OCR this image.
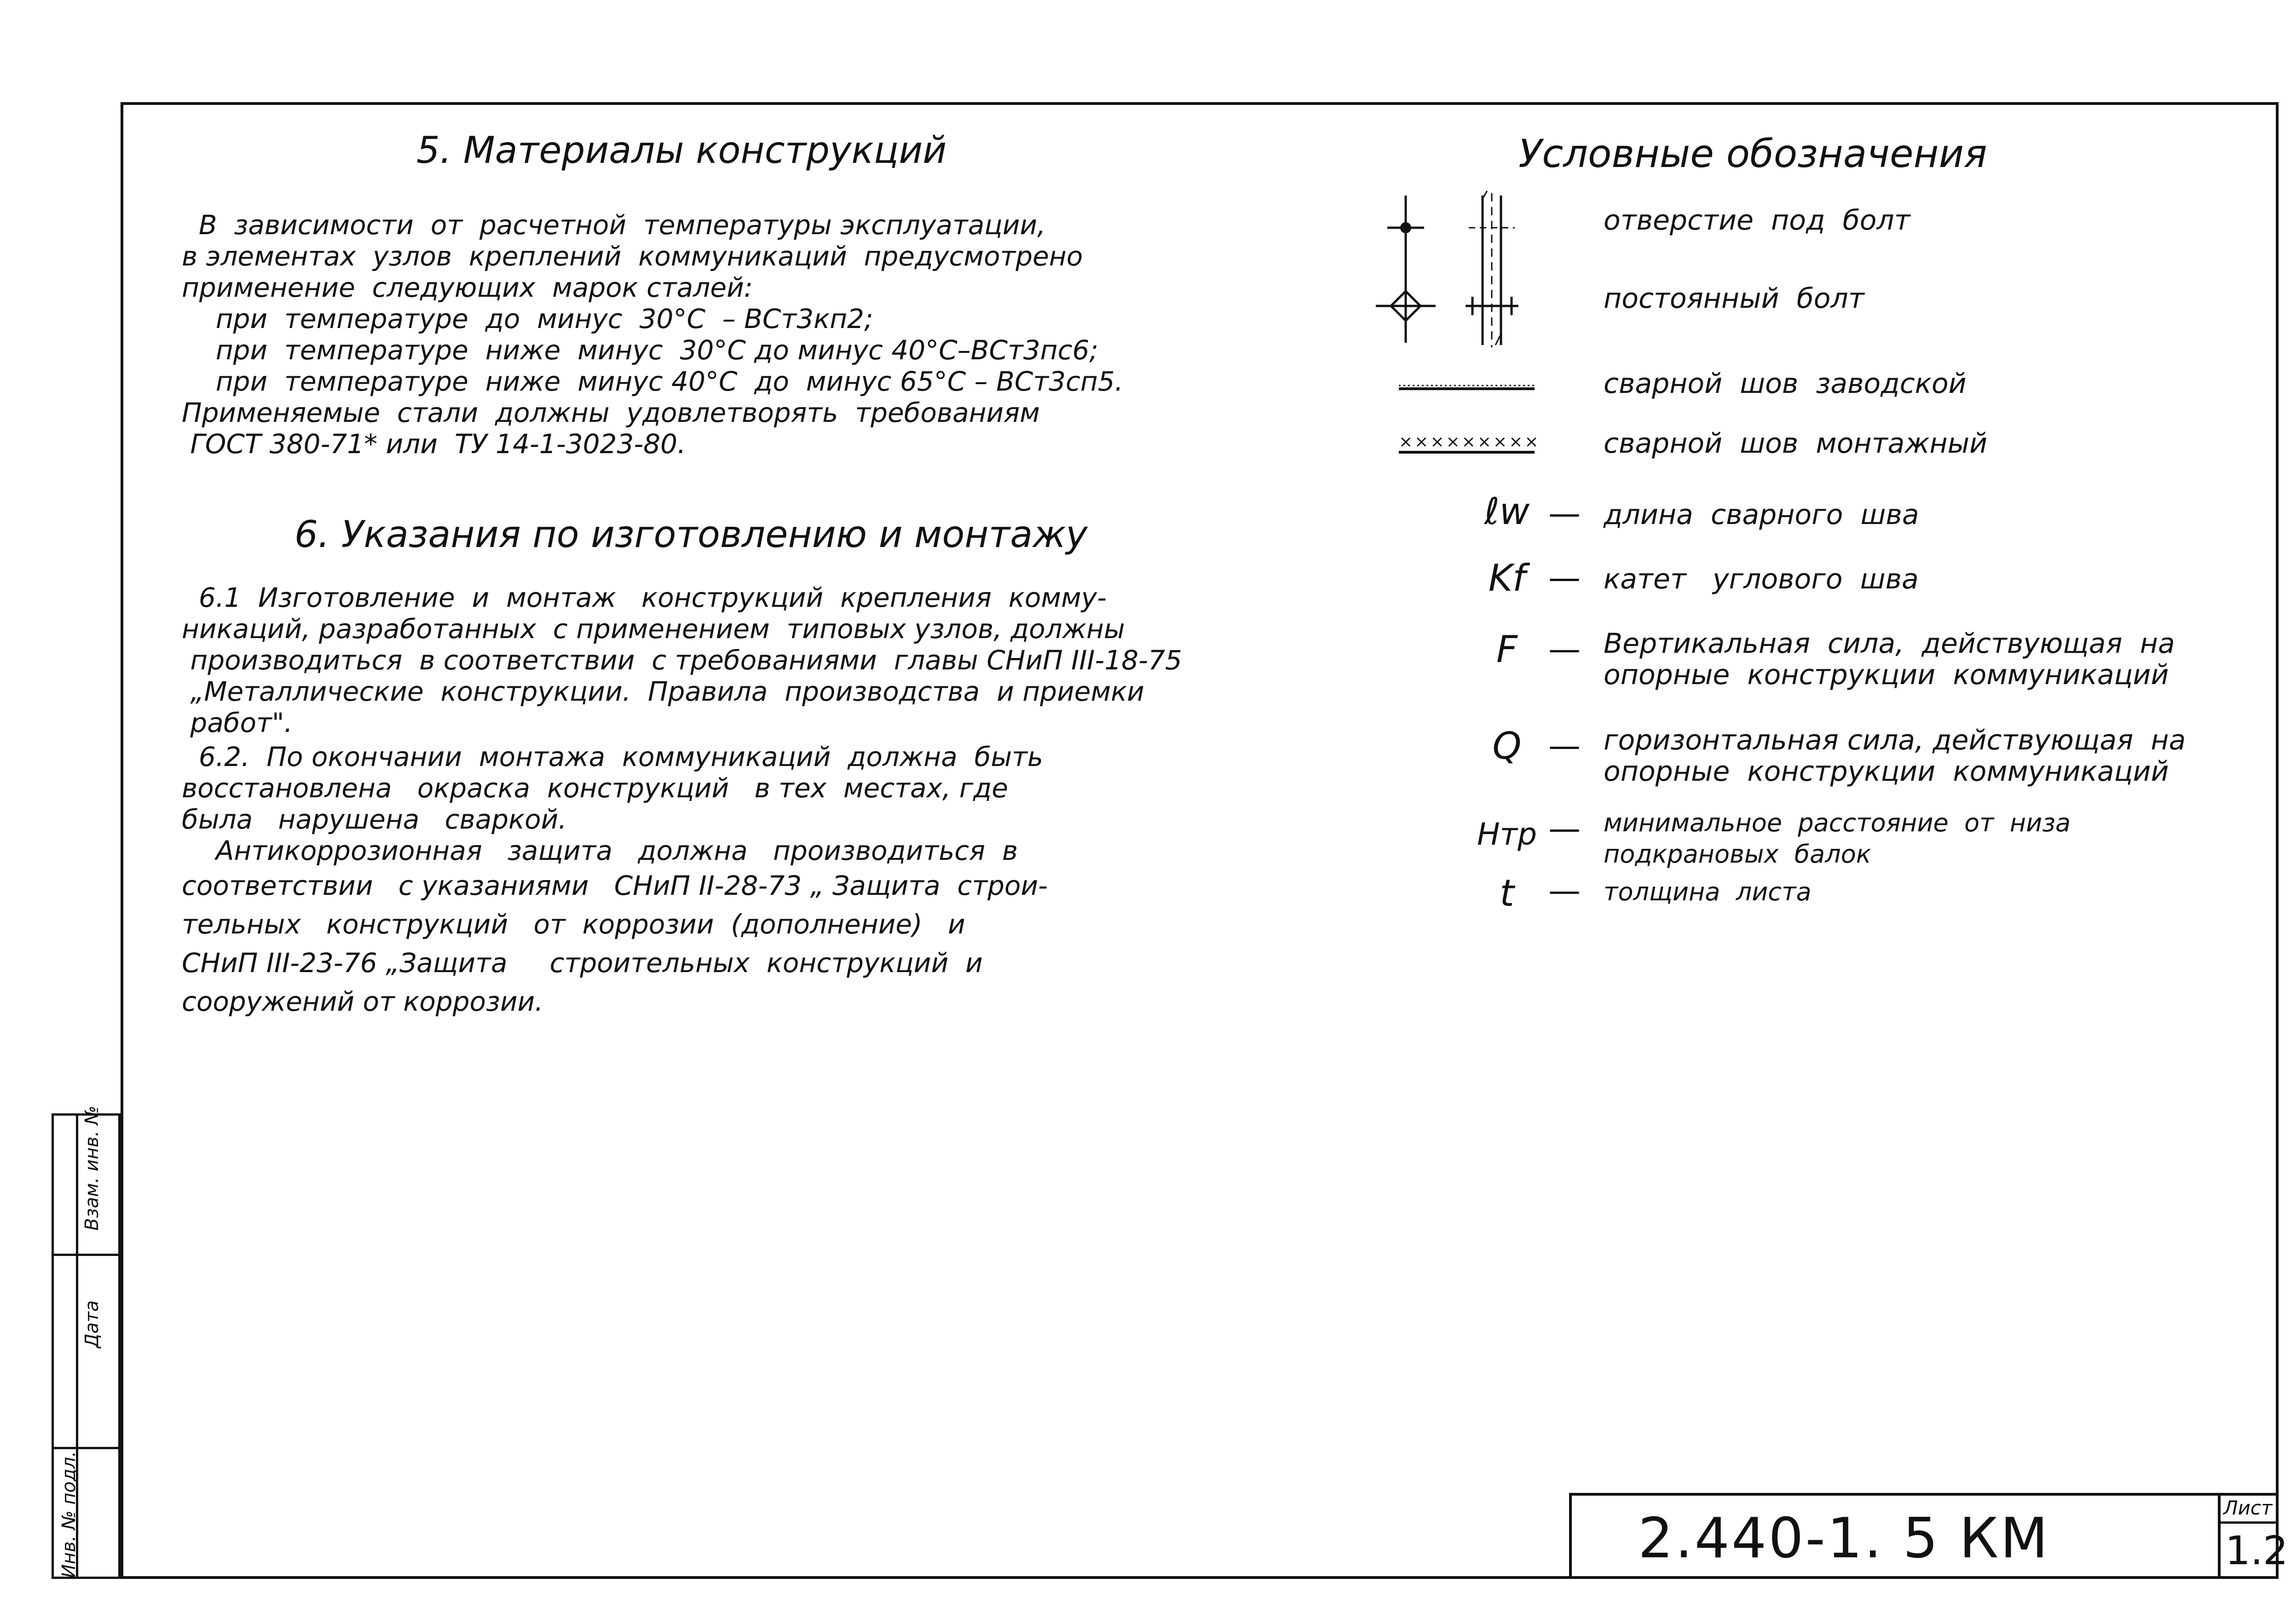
5. Материалы конструкций
В  зависимости  от  расчетной  температуры эксплуатации,
в элементах  узлов  креплений  коммуникаций  предусмотрено
применение  следующих  марок сталей:
при  температуре  до  минус  30°С  – ВСт3кп2;
при  температуре  ниже  минус  30°С до минус 40°С–ВСт3пс6;
при  температуре  ниже  минус 40°С  до  минус 65°С – ВСт3сп5.
Применяемые  стали  должны  удовлетворять  требованиям
ГОСТ 380-71* или  ТУ 14-1-3023-80.
6. Указания по изготовлению и монтажу
6.1  Изготовление  и  монтаж   конструкций  крепления  комму-
никаций, разработанных  с применением  типовых узлов, должны
производиться  в соответствии  с требованиями  главы СНиП III-18-75
„Металлические  конструкции.  Правила  производства  и приемки
работ".
6.2.  По окончании  монтажа  коммуникаций  должна  быть
восстановлена   окраска  конструкций   в тех  местах, где
была   нарушена   сваркой.
Антикоррозионная   защита   должна   производиться  в
соответствии   с указаниями   СНиП II-28-73 „ Защита  строи-
тельных   конструкций   от  коррозии  (дополнение)   и
СНиП III-23-76 „Защита     строительных  конструкций  и
сооружений от коррозии.
Условные обозначения
отверстие  под  болт
постоянный  болт
сварной  шов  заводской
××××××××× сварной  шов  монтажный
ℓw — длина  сварного  шва
Kf — катет   углового  шва
F — Вертикальная  сила,  действующая  на
опорные  конструкции  коммуникаций
Q — горизонтальная сила, действующая  на
опорные  конструкции  коммуникаций
Hтр — минимальное  расстояние  от  низа
подкрановых  балок
t	— толщина  листа
Взам. инв. №
Дата
Инв. № подл.	2.440-1. 5 КМ	Лист
1.2
